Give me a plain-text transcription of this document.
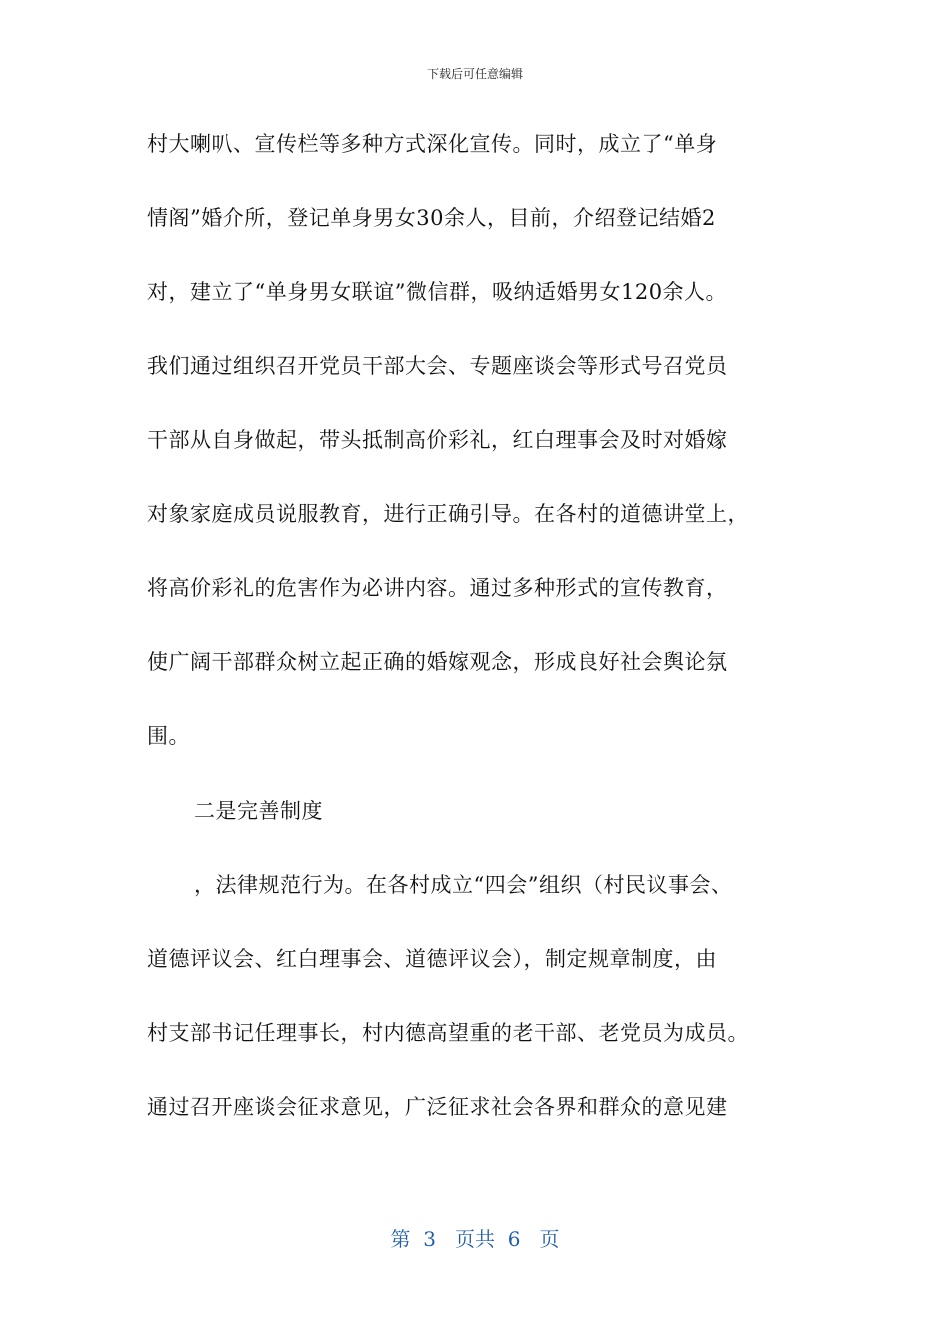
下载后可任意编辑
村大喇叭、宣传栏等多种方式深化宣传。同时，成立了“单身
情阁”婚介所，登记单身男女30余人，目前，介绍登记结婚2
对，建立了“单身男女联谊”微信群，吸纳适婚男女120余人。
我们通过组织召开党员干部大会、专题座谈会等形式号召党员
干部从自身做起，带头抵制高价彩礼，红白理事会及时对婚嫁
对象家庭成员说服教育，进行正确引导。在各村的道德讲堂上，
将高价彩礼的危害作为必讲内容。通过多种形式的宣传教育，
使广阔干部群众树立起正确的婚嫁观念，形成良好社会舆论氛
围。
二是完善制度
，法律规范行为。在各村成立“四会”组织（村民议事会、
道德评议会、红白理事会、道德评议会），制定规章制度，由
村支部书记任理事长，村内德高望重的老干部、老党员为成员。
通过召开座谈会征求意见，广泛征求社会各界和群众的意见建
第  3   页共  6   页
